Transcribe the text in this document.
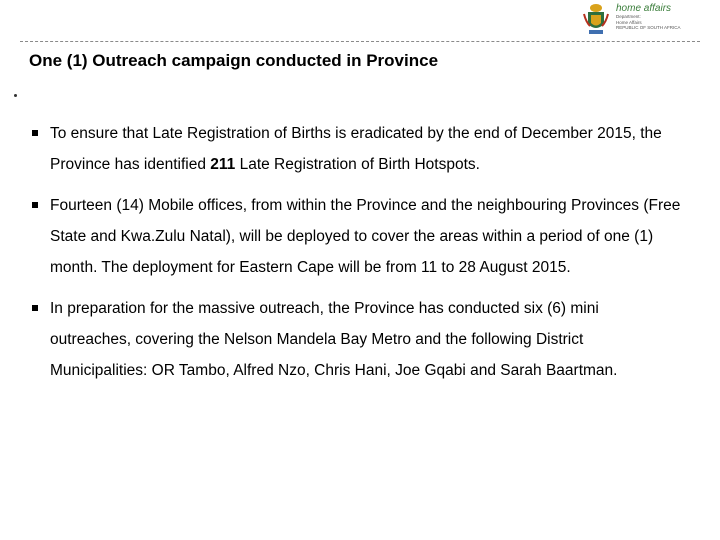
home affairs
Department:
Home Affairs
REPUBLIC OF SOUTH AFRICA
One (1) Outreach campaign conducted in Province
To ensure that Late Registration of Births is eradicated by the end of December 2015, the Province has identified 211 Late Registration of Birth Hotspots.
Fourteen (14) Mobile offices, from within the Province and the neighbouring Provinces (Free State and Kwa.Zulu Natal), will be deployed to cover the areas within a period of one (1) month. The deployment for Eastern Cape will be from 11 to 28 August 2015.
In preparation for the massive outreach, the Province has conducted six (6) mini outreaches, covering the Nelson Mandela Bay Metro and the following District Municipalities: OR Tambo, Alfred Nzo, Chris Hani, Joe Gqabi and Sarah Baartman.
